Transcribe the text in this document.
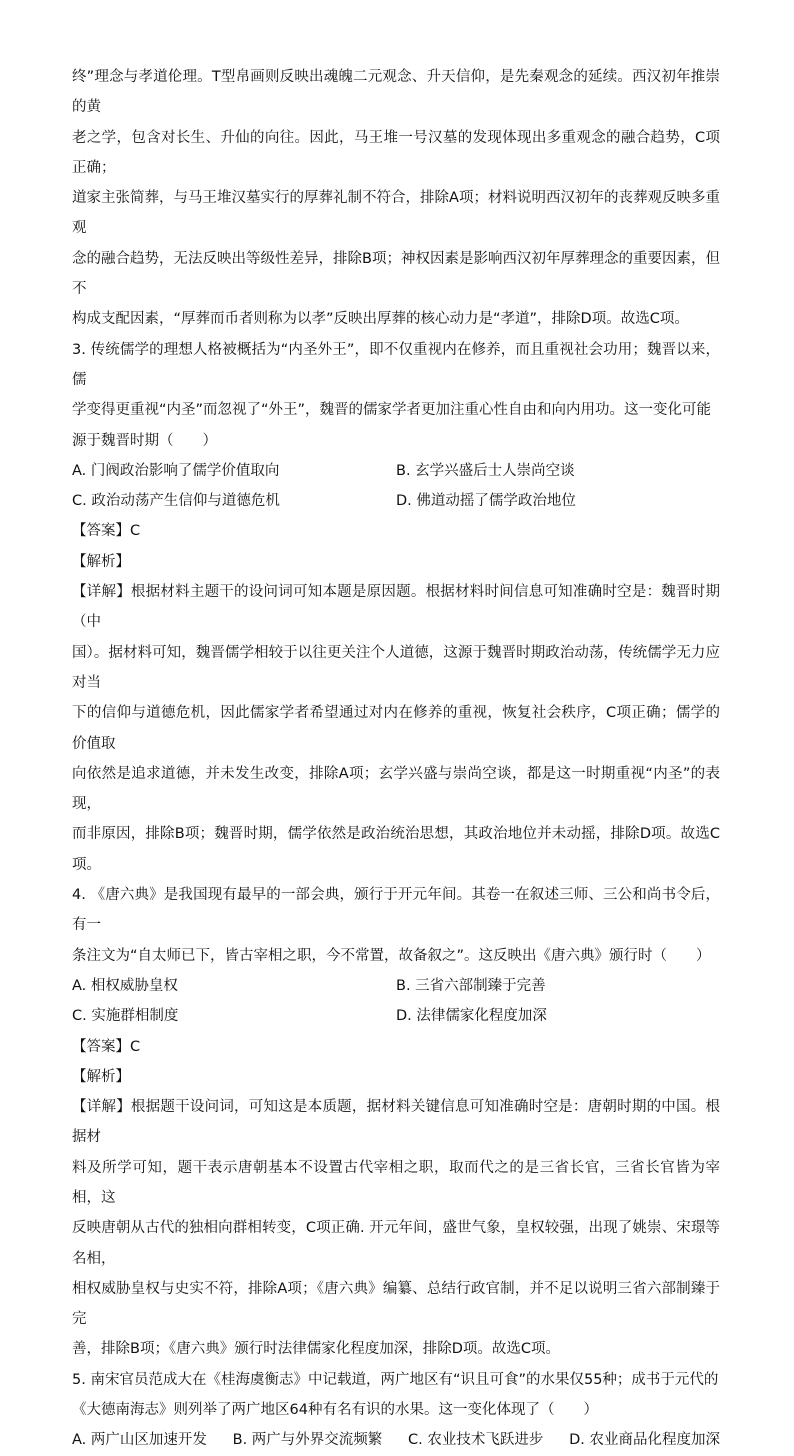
终”理念与孝道伦理。T型帛画则反映出魂魄二元观念、升天信仰，是先秦观念的延续。西汉初年推崇的黄

老之学，包含对长生、升仙的向往。因此，马王堆一号汉墓的发现体现出多重观念的融合趋势，C项正确；

道家主张简葬，与马王堆汉墓实行的厚葬礼制不符合，排除A项；材料说明西汉初年的丧葬观反映多重观

念的融合趋势，无法反映出等级性差异，排除B项；神权因素是影响西汉初年厚葬理念的重要因素，但不

构成支配因素，“厚葬而币者则称为以孝”反映出厚葬的核心动力是“孝道”，排除D项。故选C项。

3. 传统儒学的理想人格被概括为“内圣外王”，即不仅重视内在修养，而且重视社会功用；魏晋以来，儒

学变得更重视“内圣”而忽视了“外王”，魏晋的儒家学者更加注重心性自由和向内用功。这一变化可能

源于魏晋时期（　　）

A. 门阀政治影响了儒学价值取向	B. 玄学兴盛后士人崇尚空谈
C. 政治动荡产生信仰与道德危机	D. 佛道动摇了儒学政治地位

【答案】C

【解析】

【详解】根据材料主题干的设问词可知本题是原因题。根据材料时间信息可知准确时空是：魏晋时期（中

国）。据材料可知，魏晋儒学相较于以往更关注个人道德，这源于魏晋时期政治动荡，传统儒学无力应对当

下的信仰与道德危机，因此儒家学者希望通过对内在修养的重视，恢复社会秩序，C项正确；儒学的价值取

向依然是追求道德，并未发生改变，排除A项；玄学兴盛与崇尚空谈，都是这一时期重视“内圣”的表现，

而非原因，排除B项；魏晋时期，儒学依然是政治统治思想，其政治地位并未动摇，排除D项。故选C项。

4. 《唐六典》是我国现有最早的一部会典，颁行于开元年间。其卷一在叙述三师、三公和尚书令后，有一

条注文为“自太师已下，皆古宰相之职，今不常置，故备叙之”。这反映出《唐六典》颁行时（　　）

A. 相权威胁皇权	B. 三省六部制臻于完善
C. 实施群相制度	D. 法律儒家化程度加深

【答案】C

【解析】

【详解】根据题干设问词，可知这是本质题，据材料关键信息可知准确时空是：唐朝时期的中国。根据材

料及所学可知，题干表示唐朝基本不设置古代宰相之职，取而代之的是三省长官，三省长官皆为宰相，这

反映唐朝从古代的独相向群相转变，C项正确. 开元年间，盛世气象，皇权较强，出现了姚崇、宋璟等名相，

相权威胁皇权与史实不符，排除A项；《唐六典》编纂、总结行政官制，并不足以说明三省六部制臻于完

善，排除B项；《唐六典》颁行时法律儒家化程度加深，排除D项。故选C项。

5. 南宋官员范成大在《桂海虞衡志》中记载道，两广地区有“识且可食”的水果仅55种；成书于元代的

《大德南海志》则列举了两广地区64种有名有识的水果。这一变化体现了（　　）

A. 两广山区加速开发 B. 两广与外界交流频繁 C. 农业技术飞跃进步 D. 农业商品化程度加深
